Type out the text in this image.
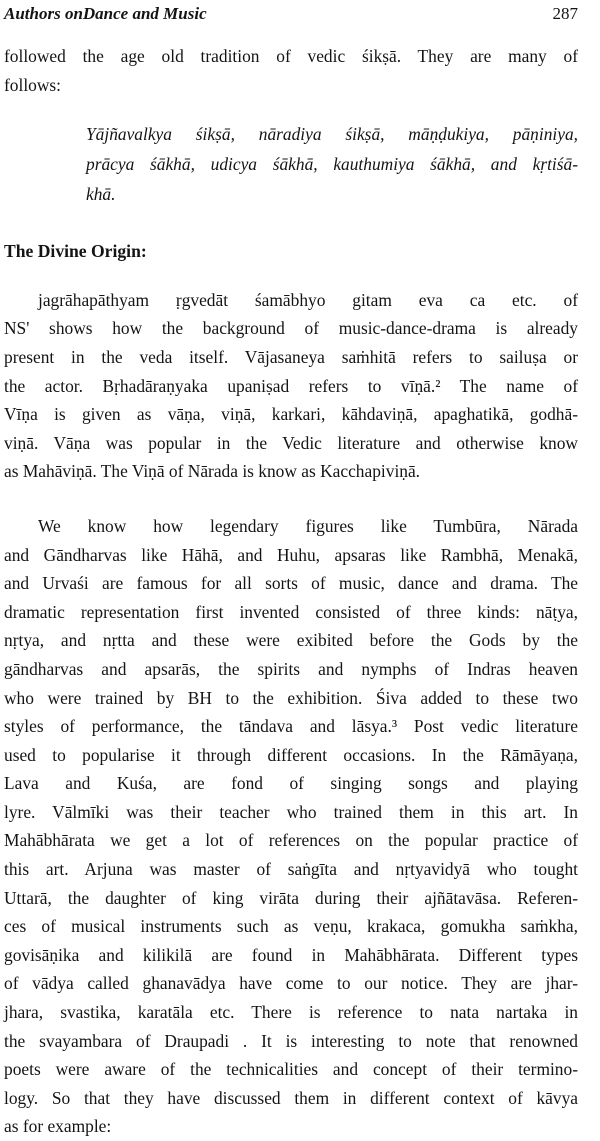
Authors onDance and Music	287

followed the age old tradition of vedic śikṣā. They are many of
follows:

Yājñavalkya śikṣā, nāradiya śikṣā, māṇḍukiya, pāṇiniya,
prācya śākhā, udicya śākhā, kauthumiya śākhā, and kṛtiśā-
khā.

The Divine Origin:

jagrāhapāthyam ṛgvedāt śamābhyo gitam eva ca etc. of
NS' shows how the background of music-dance-drama is already
present in the veda itself. Vājasaneya saṁhitā refers to sailuṣa or
the actor. Bṛhadāraṇyaka upaniṣad refers to vīṇā.² The name of
Vīṇa is given as vāṇa, viṇā, karkari, kāhdaviṇā, apaghatikā, godhā-
viṇā. Vāṇa was popular in the Vedic literature and otherwise know
as Mahāviṇā. The Viṇā of Nārada is know as Kacchapiviṇā.

We know how legendary figures like Tumbūra, Nārada
and Gāndharvas like Hāhā, and Huhu, apsaras like Rambhā, Menakā,
and Urvaśi are famous for all sorts of music, dance and drama. The
dramatic representation first invented consisted of three kinds: nāṭya,
nṛtya, and nṛtta and these were exibited before the Gods by the
gāndharvas and apsarās, the spirits and nymphs of Indras heaven
who were trained by BH to the exhibition. Śiva added to these two
styles of performance, the tāndava and lāsya.³ Post vedic literature
used to popularise it through different occasions. In the Rāmāyaṇa,
Lava and Kuśa, are fond of singing songs and playing
lyre. Vālmīki was their teacher who trained them in this art. In
Mahābhārata we get a lot of references on the popular practice of
this art. Arjuna was master of saṅgīta and nṛtyavidyā who tought
Uttarā, the daughter of king virāta during their ajñātavāsa. Referen-
ces of musical instruments such as veṇu, krakaca, gomukha saṁkha,
govisāṇika and kilikilā are found in Mahābhārata. Different types
of vādya called ghanavādya have come to our notice. They are jhar-
jhara, svastika, karatāla etc. There is reference to nata nartaka in
the svayambara of Draupadi . It is interesting to note that renowned
poets were aware of the technicalities and concept of their termino-
logy. So that they have discussed them in different context of kāvya
as for example:
